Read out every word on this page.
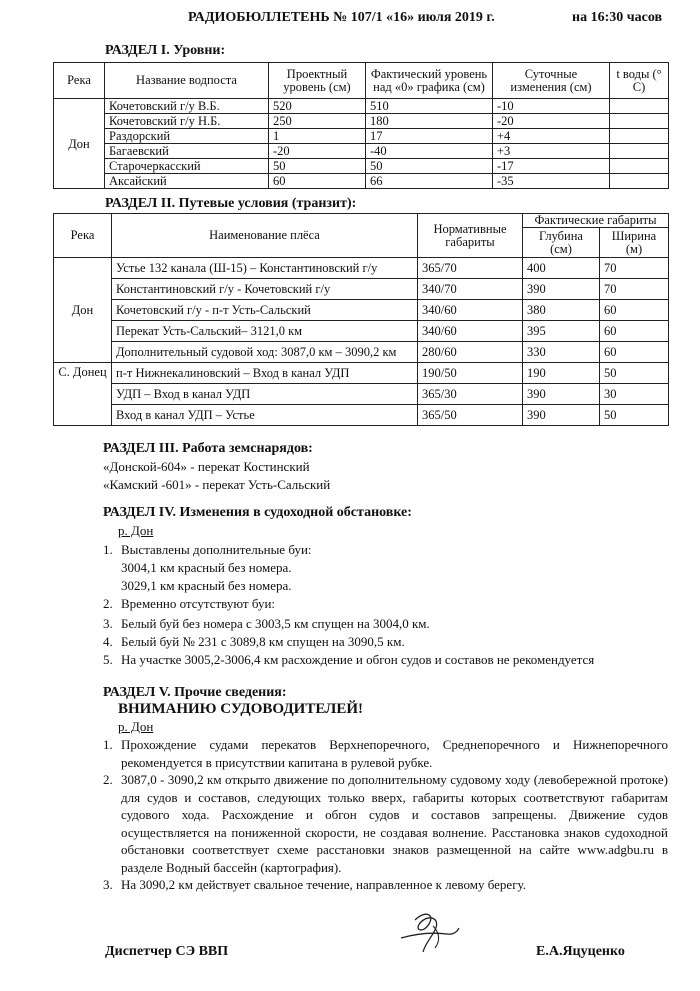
РАДИОБЮЛЛЕТЕНЬ № 107/1 «16» июля 2019 г.	на 16:30 часов
РАЗДЕЛ I. Уровни:
Река	Название водпоста	Проектный уровень (см)	Фактический уровень над «0» графика (см)	Суточные изменения (см)	t воды (° С)
Дон	Кочетовский г/у В.Б.	520	510	-10	
	Кочетовский г/у Н.Б.	250	180	-20	
	Раздорский	1	17	+4	
	Багаевский	-20	-40	+3	
	Старочеркасский	50	50	-17	
	Аксайский	60	66	-35	
РАЗДЕЛ II. Путевые условия (транзит):
Река	Наименование плёса	Нормативные габариты	Фактические габариты	
			Глубина (см)	Ширина (м)
Дон	Устье 132 канала (Ш-15) – Константиновский г/у	365/70	400	70
	Константиновский г/у - Кочетовский г/у	340/70	390	70
	Кочетовский г/у - п-т Усть-Сальский	340/60	380	60
	Перекат Усть-Сальский– 3121,0 км	340/60	395	60
	Дополнительный судовой ход: 3087,0 км – 3090,2 км	280/60	330	60
С. Донец	п-т Нижнекалиновский – Вход в канал УДП	190/50	190	50
	УДП – Вход в канал УДП	365/30	390	30
	Вход в канал УДП – Устье	365/50	390	50

РАЗДЕЛ III. Работа земснарядов:

«Донской-604» - перекат Костинский

«Камский -601» - перекат Усть-Сальский

РАЗДЕЛ IV. Изменения в судоходной обстановке:
р. Дон
1. Выставлены дополнительные буи:
3004,1 км красный без номера.
3029,1 км красный без номера.
2. Временно отсутствуют буи:
3. Белый буй без номера с 3003,5 км спущен на 3004,0 км.
4. Белый буй № 231 с 3089,8 км спущен на 3090,5 км.
5. На участке 3005,2-3006,4 км расхождение и обгон судов и составов не рекомендуется
РАЗДЕЛ V. Прочие сведения:
ВНИМАНИЮ СУДОВОДИТЕЛЕЙ!
р. Дон
1. Прохождение судами перекатов Верхнепоречного, Среднепоречного и Нижнепоречного рекомендуется в присутствии капитана в рулевой рубке.
2. 3087,0 - 3090,2 км открыто движение по дополнительному судовому ходу (левобережной протоке) для судов и составов, следующих только вверх, габариты которых соответствуют габаритам судового хода. Расхождение и обгон судов и составов запрещены. Движение судов осуществляется на пониженной скорости, не создавая волнение. Расстановка знаков судоходной обстановки соответствует схеме расстановки знаков размещенной на сайте www.adgbu.ru в разделе Водный бассейн (картография).
3. На 3090,2 км действует свальное течение, направленное к левому берегу.
Диспетчер СЭ ВВП	Е.А.Яцуценко
